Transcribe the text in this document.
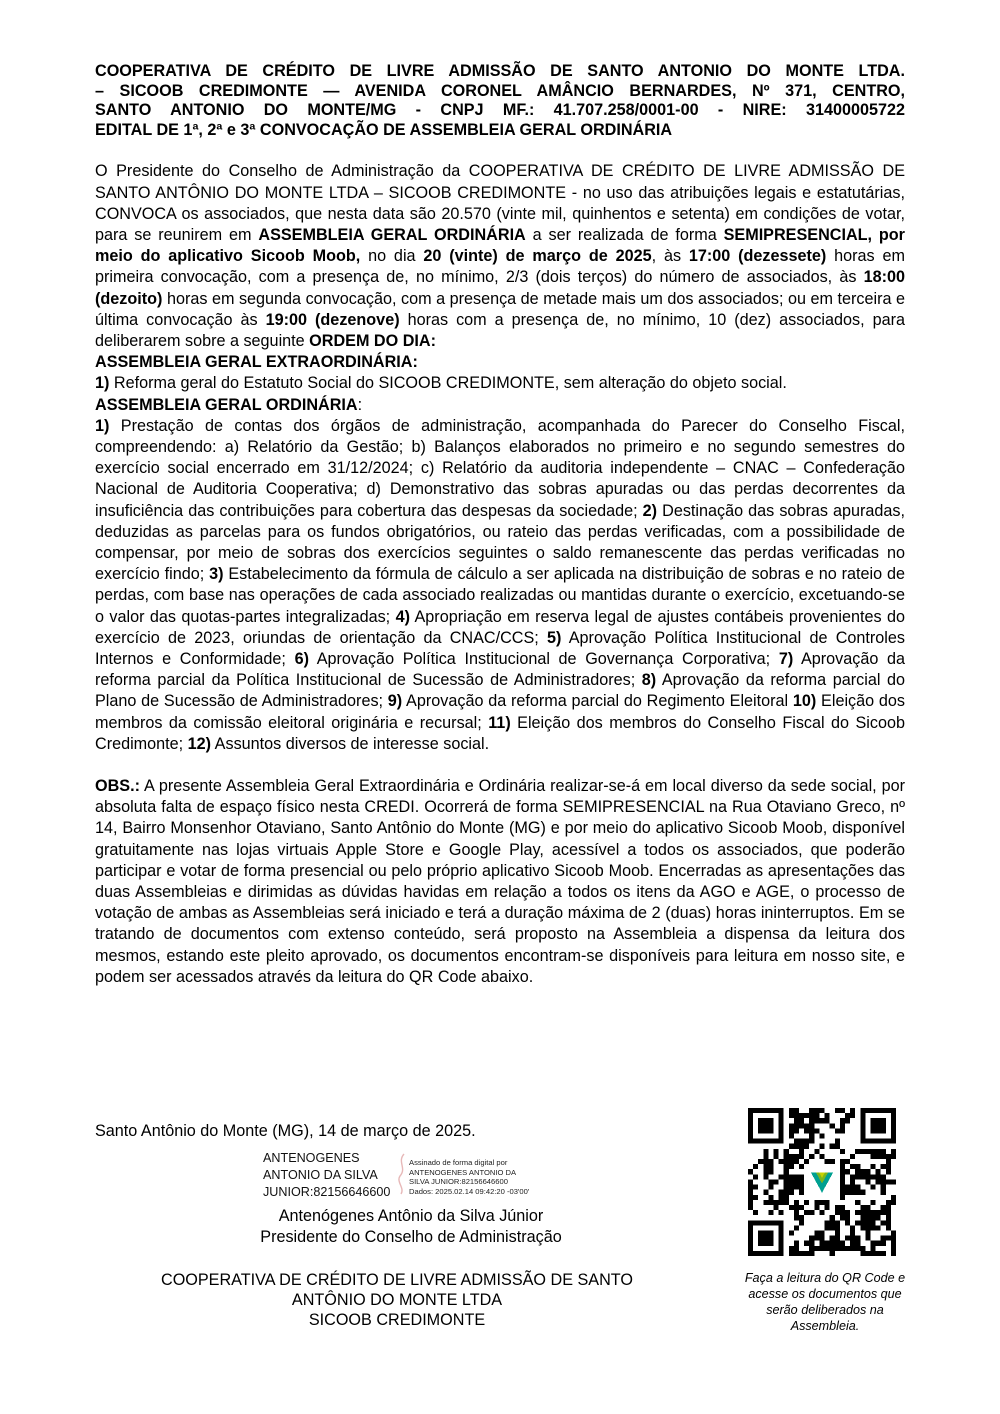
COOPERATIVA DE CRÉDITO DE LIVRE ADMISSÃO DE SANTO ANTONIO DO MONTE LTDA.
– SICOOB CREDIMONTE — AVENIDA CORONEL AMÂNCIO BERNARDES, Nº 371, CENTRO,
SANTO ANTONIO DO MONTE/MG - CNPJ MF.: 41.707.258/0001-00 - NIRE: 31400005722
EDITAL DE 1ª, 2ª e 3ª CONVOCAÇÃO DE ASSEMBLEIA GERAL ORDINÁRIA

O Presidente do Conselho de Administração da COOPERATIVA DE CRÉDITO DE LIVRE ADMISSÃO DE SANTO ANTÔNIO DO MONTE LTDA – SICOOB CREDIMONTE - no uso das atribuições legais e estatutárias, CONVOCA os associados, que nesta data são 20.570 (vinte mil, quinhentos e setenta) em condições de votar, para se reunirem em ASSEMBLEIA GERAL ORDINÁRIA a ser realizada de forma SEMIPRESENCIAL, por meio do aplicativo Sicoob Moob, no dia 20 (vinte) de março de 2025, às 17:00 (dezessete) horas em primeira convocação, com a presença de, no mínimo, 2/3 (dois terços) do número de associados, às 18:00 (dezoito) horas em segunda convocação, com a presença de metade mais um dos associados; ou em terceira e última convocação às 19:00 (dezenove) horas com a presença de, no mínimo, 10 (dez) associados, para deliberarem sobre a seguinte ORDEM DO DIA:

ASSEMBLEIA GERAL EXTRAORDINÁRIA:

1) Reforma geral do Estatuto Social do SICOOB CREDIMONTE, sem alteração do objeto social.

ASSEMBLEIA GERAL ORDINÁRIA:

1) Prestação de contas dos órgãos de administração, acompanhada do Parecer do Conselho Fiscal, compreendendo: a) Relatório da Gestão; b) Balanços elaborados no primeiro e no segundo semestres do exercício social encerrado em 31/12/2024; c) Relatório da auditoria independente – CNAC – Confederação Nacional de Auditoria Cooperativa; d) Demonstrativo das sobras apuradas ou das perdas decorrentes da insuficiência das contribuições para cobertura das despesas da sociedade; 2) Destinação das sobras apuradas, deduzidas as parcelas para os fundos obrigatórios, ou rateio das perdas verificadas, com a possibilidade de compensar, por meio de sobras dos exercícios seguintes o saldo remanescente das perdas verificadas no exercício findo; 3) Estabelecimento da fórmula de cálculo a ser aplicada na distribuição de sobras e no rateio de perdas, com base nas operações de cada associado realizadas ou mantidas durante o exercício, excetuando-se o valor das quotas-partes integralizadas; 4) Apropriação em reserva legal de ajustes contábeis provenientes do exercício de 2023, oriundas de orientação da CNAC/CCS; 5) Aprovação Política Institucional de Controles Internos e Conformidade; 6) Aprovação Política Institucional de Governança Corporativa; 7) Aprovação da reforma parcial da Política Institucional de Sucessão de Administradores; 8) Aprovação da reforma parcial do Plano de Sucessão de Administradores; 9) Aprovação da reforma parcial do Regimento Eleitoral 10) Eleição dos membros da comissão eleitoral originária e recursal; 11) Eleição dos membros do Conselho Fiscal do Sicoob Credimonte; 12) Assuntos diversos de interesse social.

OBS.: A presente Assembleia Geral Extraordinária e Ordinária realizar-se-á em local diverso da sede social, por absoluta falta de espaço físico nesta CREDI. Ocorrerá de forma SEMIPRESENCIAL na Rua Otaviano Greco, nº 14, Bairro Monsenhor Otaviano, Santo Antônio do Monte (MG) e por meio do aplicativo Sicoob Moob, disponível gratuitamente nas lojas virtuais Apple Store e Google Play, acessível a todos os associados, que poderão participar e votar de forma presencial ou pelo próprio aplicativo Sicoob Moob. Encerradas as apresentações das duas Assembleias e dirimidas as dúvidas havidas em relação a todos os itens da AGO e AGE, o processo de votação de ambas as Assembleias será iniciado e terá a duração máxima de 2 (duas) horas ininterruptos. Em se tratando de documentos com extenso conteúdo, será proposto na Assembleia a dispensa da leitura dos mesmos, estando este pleito aprovado, os documentos encontram-se disponíveis para leitura em nosso site, e podem ser acessados através da leitura do QR Code abaixo.
Santo Antônio do Monte (MG), 14 de março de 2025.
ANTENOGENES
ANTONIO DA SILVA
JUNIOR:82156646600
Assinado de forma digital por
ANTENOGENES ANTONIO DA
SILVA JUNIOR:82156646600
Dados: 2025.02.14 09:42:20 -03'00'
Antenógenes Antônio da Silva Júnior
Presidente do Conselho de Administração
COOPERATIVA DE CRÉDITO DE LIVRE ADMISSÃO DE SANTO
ANTÔNIO DO MONTE LTDA
SICOOB CREDIMONTE
Faça a leitura do QR Code e
acesse os documentos que
serão deliberados na
Assembleia.
